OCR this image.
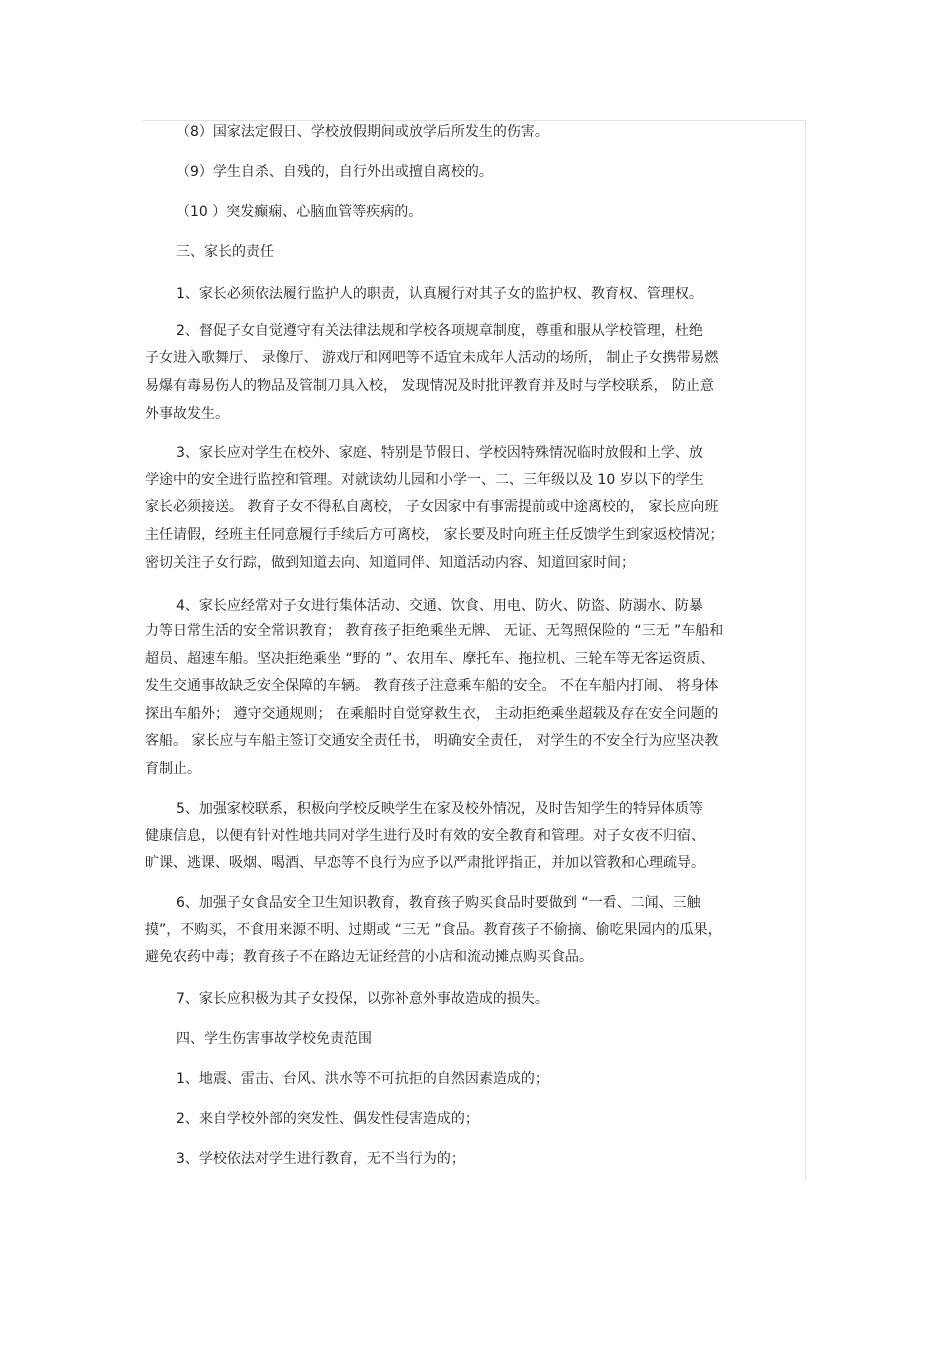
（8）国家法定假日、学校放假期间或放学后所发生的伤害。
（9）学生自杀、自残的，自行外出或擅自离校的。
（10 ）突发癫痫、心脑血管等疾病的。
三、家长的责任
1、家长必须依法履行监护人的职责，认真履行对其子女的监护权、教育权、管理权。
2、督促子女自觉遵守有关法律法规和学校各项规章制度，尊重和服从学校管理，杜绝
子女进入歌舞厅、 录像厅、 游戏厅和网吧等不适宜未成年人活动的场所， 制止子女携带易燃
易爆有毒易伤人的物品及管制刀具入校， 发现情况及时批评教育并及时与学校联系， 防止意
外事故发生。
3、家长应对学生在校外、家庭、特别是节假日、学校因特殊情况临时放假和上学、放
学途中的安全进行监控和管理。对就读幼儿园和小学一、二、三年级以及 10 岁以下的学生
家长必须接送。 教育子女不得私自离校， 子女因家中有事需提前或中途离校的， 家长应向班
主任请假，经班主任同意履行手续后方可离校， 家长要及时向班主任反馈学生到家返校情况；
密切关注子女行踪，做到知道去向、知道同伴、知道活动内容、知道回家时间；
4、家长应经常对子女进行集体活动、交通、饮食、用电、防火、防盗、防溺水、防暴
力等日常生活的安全常识教育； 教育孩子拒绝乘坐无牌、 无证、无驾照保险的 “三无 ”车船和
超员、超速车船。坚决拒绝乘坐 “野的 ”、农用车、摩托车、拖拉机、三轮车等无客运资质、
发生交通事故缺乏安全保障的车辆。 教育孩子注意乘车船的安全。 不在车船内打闹、 将身体
探出车船外； 遵守交通规则； 在乘船时自觉穿救生衣， 主动拒绝乘坐超载及存在安全问题的
客船。 家长应与车船主签订交通安全责任书， 明确安全责任， 对学生的不安全行为应坚决教
育制止。
5、加强家校联系，积极向学校反映学生在家及校外情况，及时告知学生的特异体质等
健康信息，以便有针对性地共同对学生进行及时有效的安全教育和管理。对子女夜不归宿、
旷课、逃课、吸烟、喝酒、早恋等不良行为应予以严肃批评指正，并加以管教和心理疏导。
6、加强子女食品安全卫生知识教育，教育孩子购买食品时要做到 “一看、二闻、三触
摸”，不购买，不食用来源不明、过期或 “三无 ”食品。教育孩子不偷摘、偷吃果园内的瓜果，
避免农药中毒；教育孩子不在路边无证经营的小店和流动摊点购买食品。
7、家长应积极为其子女投保，以弥补意外事故造成的损失。
四、学生伤害事故学校免责范围
1、地震、雷击、台风、洪水等不可抗拒的自然因素造成的；
2、来自学校外部的突发性、偶发性侵害造成的；
3、学校依法对学生进行教育，无不当行为的；
